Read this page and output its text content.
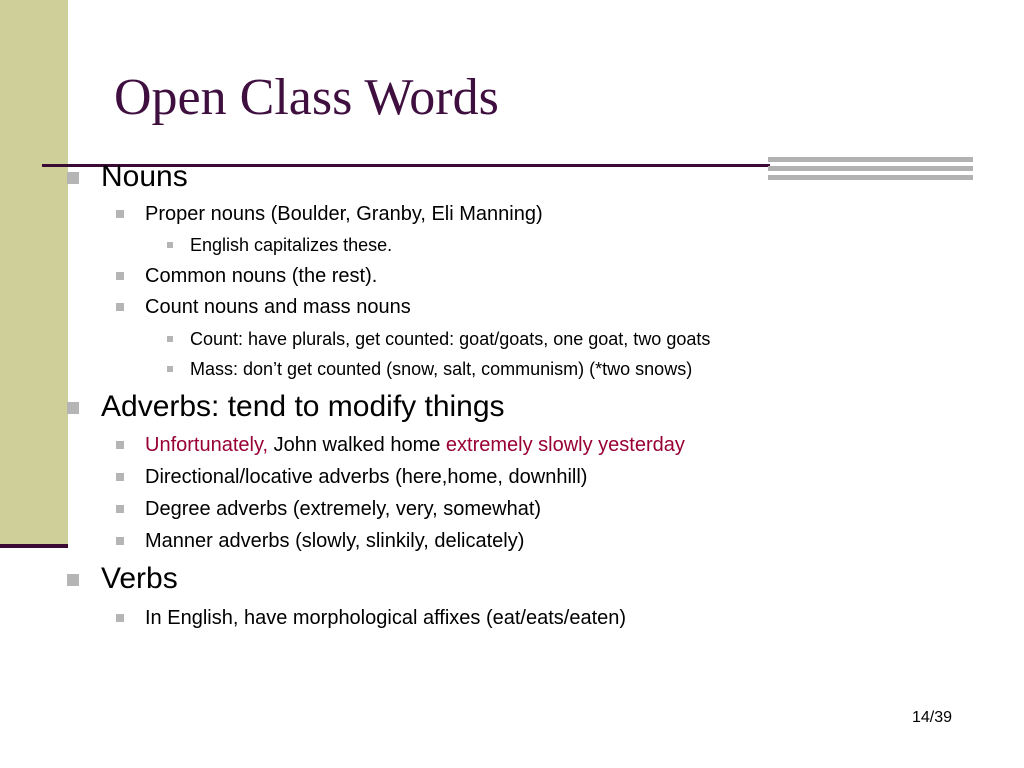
Open Class Words
Nouns
Proper nouns (Boulder, Granby, Eli Manning)
English capitalizes these.
Common nouns (the rest).
Count nouns and mass nouns
Count: have plurals, get counted: goat/goats, one goat, two goats
Mass: don’t get counted (snow, salt, communism) (*two snows)
Adverbs: tend to modify things
Unfortunately, John walked home extremely slowly yesterday
Directional/locative adverbs (here,home, downhill)
Degree adverbs (extremely, very, somewhat)
Manner adverbs (slowly, slinkily, delicately)
Verbs
In English, have morphological affixes (eat/eats/eaten)
14/39
